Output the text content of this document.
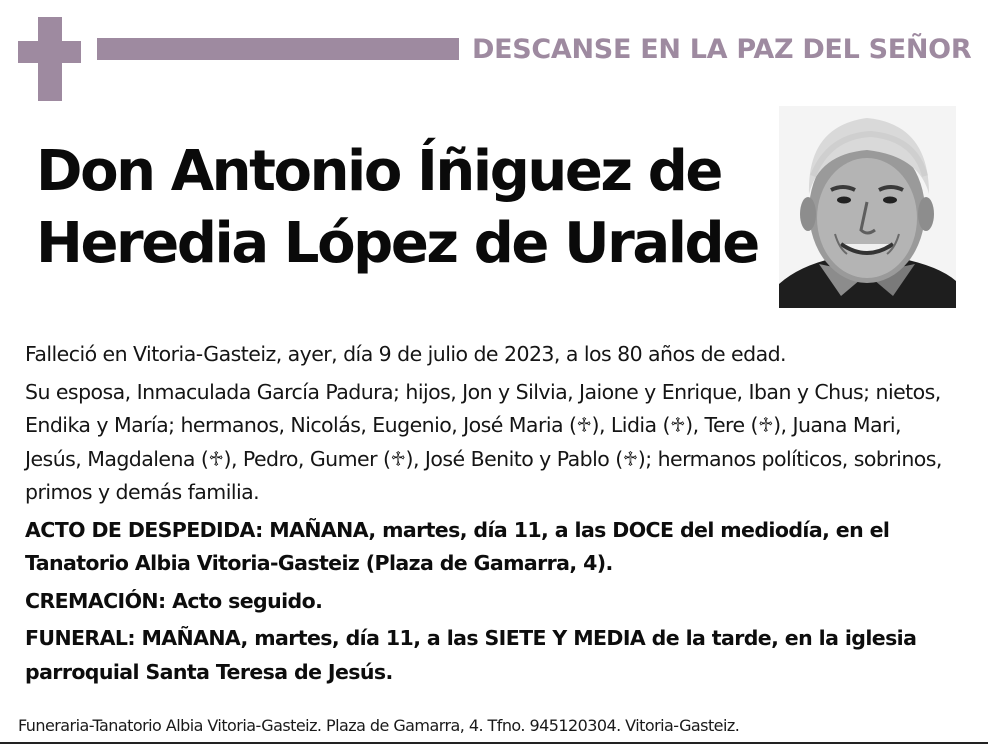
DESCANSE EN LA PAZ DEL SEÑOR
Don Antonio Íñiguez de
Heredia López de Uralde

Falleció en Vitoria-Gasteiz, ayer, día 9 de julio de 2023, a los 80 años de edad.

Su esposa, Inmaculada García Padura; hijos, Jon y Silvia, Jaione y Enrique, Iban y Chus; nietos, Endika y María; hermanos, Nicolás, Eugenio, José Maria (♱), Lidia (♱), Tere (♱), Juana Mari, Jesús, Magdalena (♱), Pedro, Gumer (♱), José Benito y Pablo (♱); hermanos políticos, sobrinos, primos y demás familia.

ACTO DE DESPEDIDA: MAÑANA, martes, día 11, a las DOCE del mediodía, en el Tanatorio Albia Vitoria-Gasteiz (Plaza de Gamarra, 4).

CREMACIÓN: Acto seguido.

FUNERAL: MAÑANA, martes, día 11, a las SIETE Y MEDIA de la tarde, en la iglesia parroquial Santa Teresa de Jesús.

Funeraria-Tanatorio Albia Vitoria-Gasteiz. Plaza de Gamarra, 4. Tfno. 945120304. Vitoria-Gasteiz.
